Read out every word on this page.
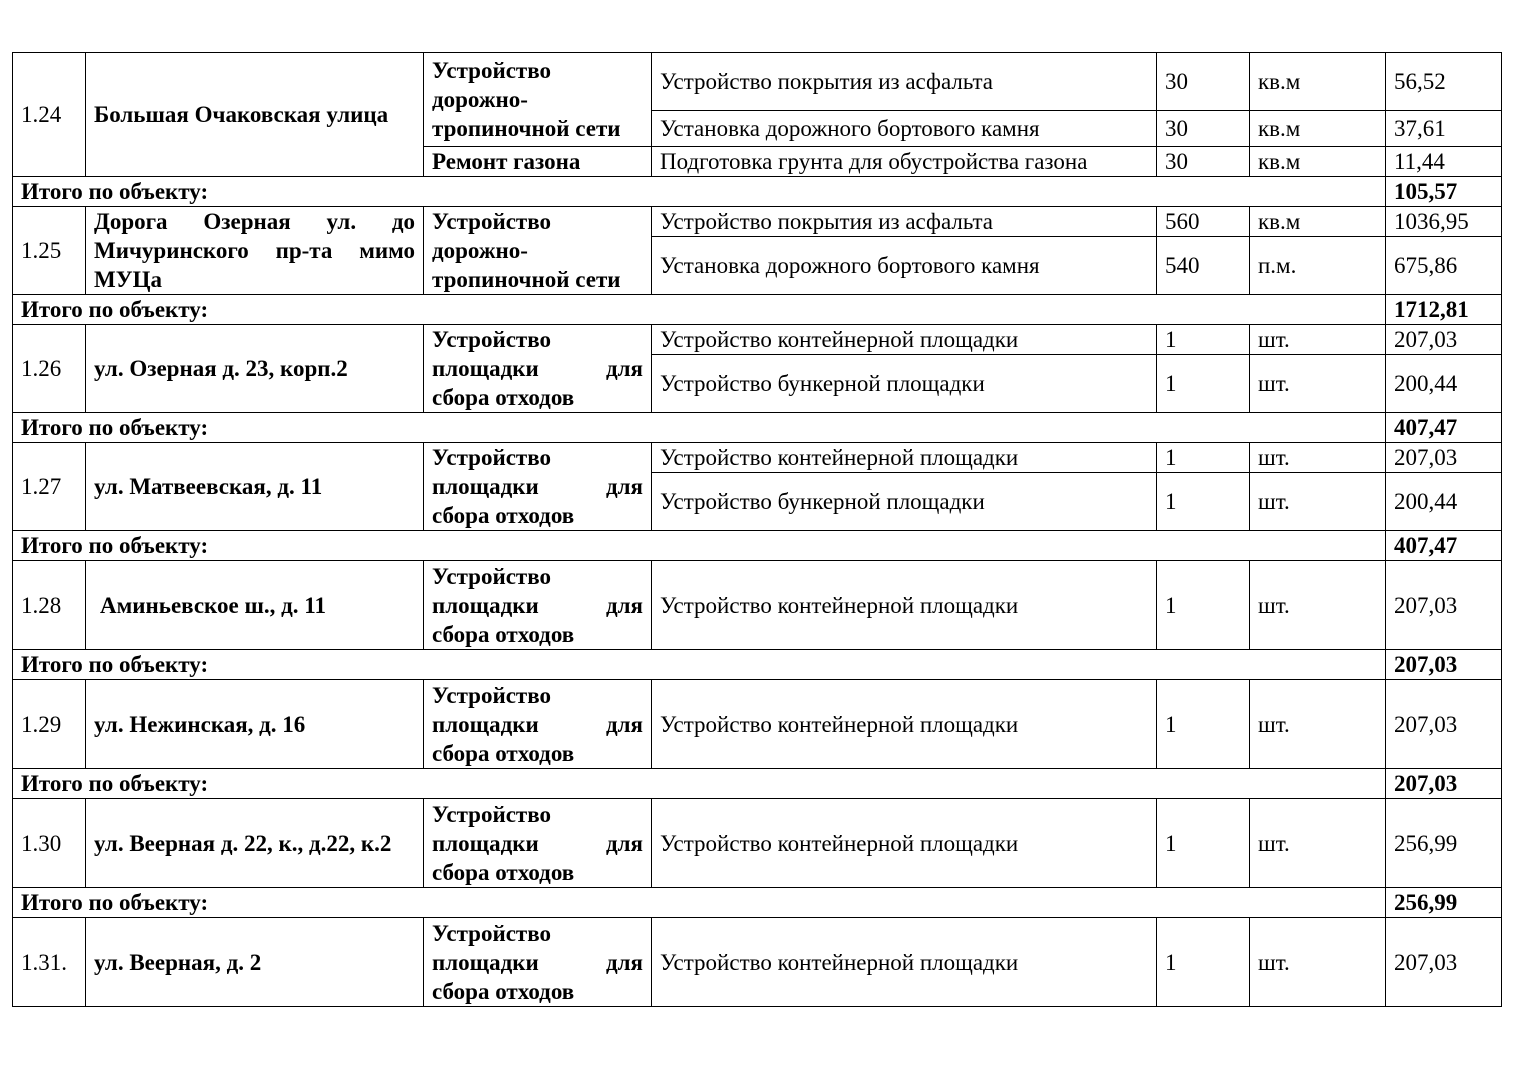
1.24	Большая Очаковская улица	Устройство дорожно-тропиночной сети	Устройство покрытия из асфальта	30	кв.м	56,52
			Установка дорожного бортового камня	30	кв.м	37,61
		Ремонт газона	Подготовка грунта для обустройства газона	30	кв.м	11,44
Итого по объекту:						105,57
1.25	Дорога Озерная ул. до Мичуринского пр-та мимо МУЦа	Устройство дорожно-тропиночной сети	Устройство покрытия из асфальта	560	кв.м	1036,95
			Установка дорожного бортового камня	540	п.м.	675,86
Итого по объекту:						1712,81
1.26	ул. Озерная д. 23, корп.2	Устройство площадки для сбора отходов	Устройство контейнерной площадки	1	шт.	207,03
			Устройство бункерной площадки	1	шт.	200,44
Итого по объекту:						407,47
1.27	ул. Матвеевская, д. 11	Устройство площадки для сбора отходов	Устройство контейнерной площадки	1	шт.	207,03
			Устройство бункерной площадки	1	шт.	200,44
Итого по объекту:						407,47
1.28	Аминьевское ш., д. 11	Устройство площадки для сбора отходов	Устройство контейнерной площадки	1	шт.	207,03
Итого по объекту:						207,03
1.29	ул. Нежинская, д. 16	Устройство площадки для сбора отходов	Устройство контейнерной площадки	1	шт.	207,03
Итого по объекту:						207,03
1.30	ул. Веерная д. 22, к., д.22, к.2	Устройство площадки для сбора отходов	Устройство контейнерной площадки	1	шт.	256,99
Итого по объекту:						256,99
1.31.	ул. Веерная, д. 2	Устройство площадки для сбора отходов	Устройство контейнерной площадки	1	шт.	207,03
